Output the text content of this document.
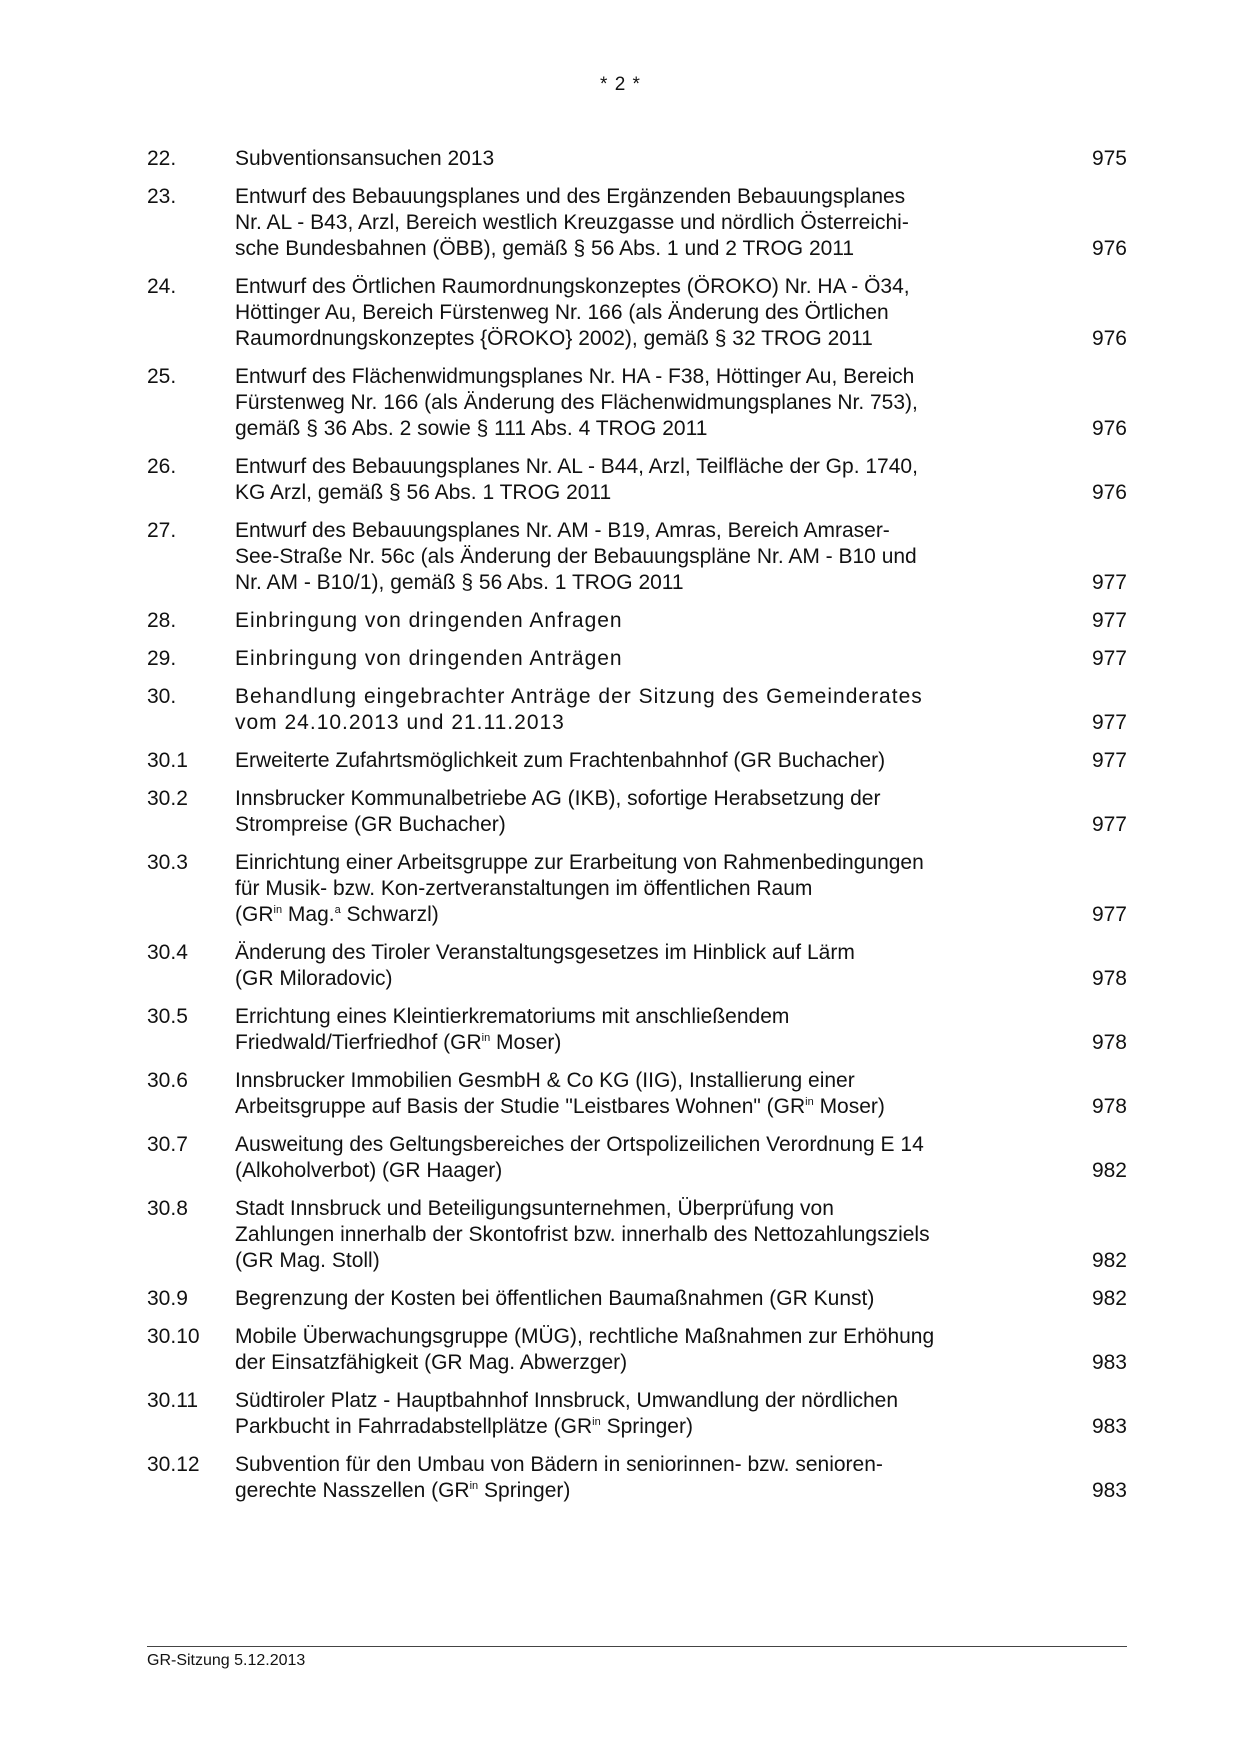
* 2 *
22.	Subventionsansuchen 2013	975
23.	Entwurf des Bebauungsplanes und des Ergänzenden Bebauungsplanes
Nr. AL - B43, Arzl, Bereich westlich Kreuzgasse und nördlich Österreichi-
sche Bundesbahnen (ÖBB), gemäß § 56 Abs. 1 und 2 TROG 2011	976
24.	Entwurf des Örtlichen Raumordnungskonzeptes (ÖROKO) Nr. HA - Ö34,
Höttinger Au, Bereich Fürstenweg Nr. 166 (als Änderung des Örtlichen
Raumordnungskonzeptes {ÖROKO} 2002), gemäß § 32 TROG 2011	976
25.	Entwurf des Flächenwidmungsplanes Nr. HA - F38, Höttinger Au, Bereich
Fürstenweg Nr. 166 (als Änderung des Flächenwidmungsplanes Nr. 753),
gemäß § 36 Abs. 2 sowie § 111 Abs. 4 TROG 2011	976
26.	Entwurf des Bebauungsplanes Nr. AL - B44, Arzl, Teilfläche der Gp. 1740,
KG Arzl, gemäß § 56 Abs. 1 TROG 2011	976
27.	Entwurf des Bebauungsplanes Nr. AM - B19, Amras, Bereich Amraser-
See-Straße Nr. 56c (als Änderung der Bebauungspläne Nr. AM - B10 und
Nr. AM - B10/1), gemäß § 56 Abs. 1 TROG 2011	977
28.	Einbringung von dringenden Anfragen	977
29.	Einbringung von dringenden Anträgen	977
30.	Behandlung eingebrachter Anträge der Sitzung des Gemeinderates
vom 24.10.2013 und 21.11.2013	977
30.1	Erweiterte Zufahrtsmöglichkeit zum Frachtenbahnhof (GR Buchacher)	977
30.2	Innsbrucker Kommunalbetriebe AG (IKB), sofortige Herabsetzung der
Strompreise (GR Buchacher)	977
30.3	Einrichtung einer Arbeitsgruppe zur Erarbeitung von Rahmenbedingungen
für Musik- bzw. Kon-zertveranstaltungen im öffentlichen Raum
($GR^{in}$ Mag.$^a$ Schwarzl)	977
30.4	Änderung des Tiroler Veranstaltungsgesetzes im Hinblick auf Lärm
(GR Miloradovic)	978
30.5	Errichtung eines Kleintierkrematoriums mit anschließendem
Friedwald/Tierfriedhof ($GR^{in}$ Moser)	978
30.6	Innsbrucker Immobilien GesmbH & Co KG (IIG), Installierung einer
Arbeitsgruppe auf Basis der Studie "Leistbares Wohnen" ($GR^{in}$ Moser)	978
30.7	Ausweitung des Geltungsbereiches der Ortspolizeilichen Verordnung E 14
(Alkoholverbot) (GR Haager)	982
30.8	Stadt Innsbruck und Beteiligungsunternehmen, Überprüfung von
Zahlungen innerhalb der Skontofrist bzw. innerhalb des Nettozahlungsziels
(GR Mag. Stoll)	982
30.9	Begrenzung der Kosten bei öffentlichen Baumaßnahmen (GR Kunst)	982
30.10	Mobile Überwachungsgruppe (MÜG), rechtliche Maßnahmen zur Erhöhung
der Einsatzfähigkeit (GR Mag. Abwerzger)	983
30.11	Südtiroler Platz - Hauptbahnhof Innsbruck, Umwandlung der nördlichen
Parkbucht in Fahrradabstellplätze ($GR^{in}$ Springer)	983
30.12	Subvention für den Umbau von Bädern in seniorinnen- bzw. senioren-
gerechte Nasszellen ($GR^{in}$ Springer)	983
GR-Sitzung 5.12.2013
